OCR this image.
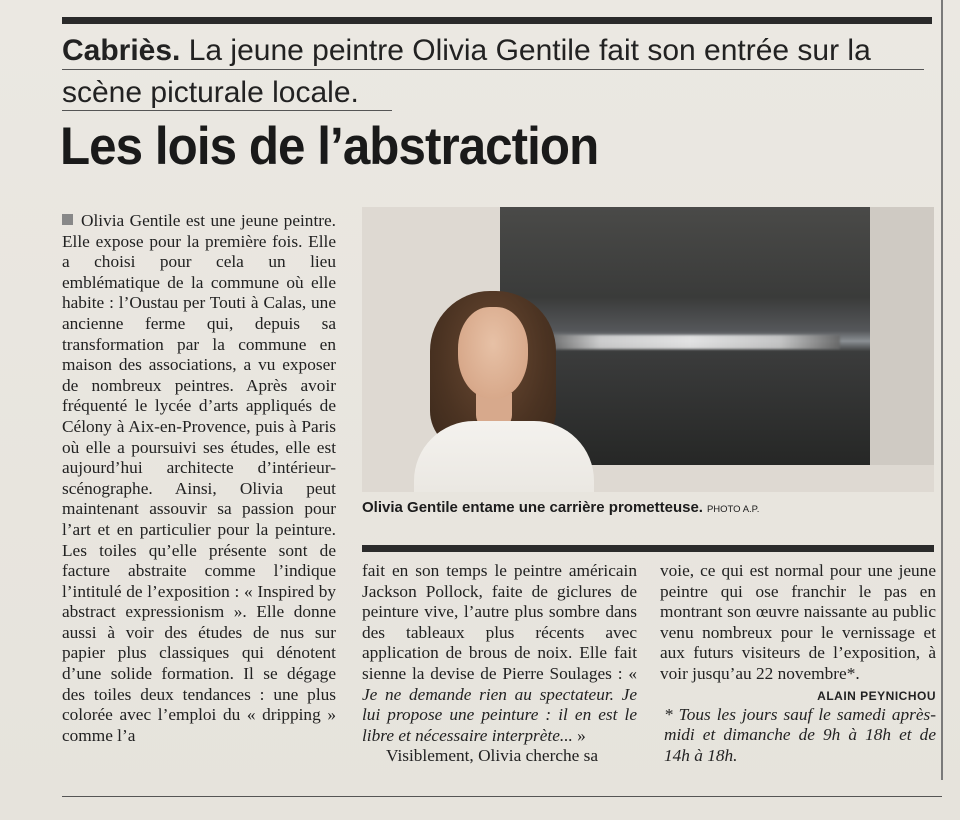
Cabriès. La jeune peintre Olivia Gentile fait son entrée sur la scène picturale locale.
Les lois de l’abstraction

Olivia Gentile est une jeune peintre. Elle expose pour la première fois. Elle a choisi pour cela un lieu emblématique de la commune où elle habite : l’Oustau per Touti à Calas, une ancienne ferme qui, depuis sa transformation par la commune en maison des associations, a vu exposer de nombreux peintres. Après avoir fréquenté le lycée d’arts appliqués de Célony à Aix-en-Provence, puis à Paris où elle a poursuivi ses études, elle est aujourd’hui architecte d’intérieur-scénographe. Ainsi, Olivia peut maintenant assouvir sa passion pour l’art et en particulier pour la peinture. Les toiles qu’elle présente sont de facture abstraite comme l’indique l’intitulé de l’exposition : « Inspired by abstract expressionism ». Elle donne aussi à voir des études de nus sur papier plus classiques qui dénotent d’une solide formation. Il se dégage des toiles deux tendances : une plus colorée avec l’emploi du « dripping » comme l’a

Olivia Gentile entame une carrière prometteuse. PHOTO A.P.

fait en son temps le peintre américain Jackson Pollock, faite de giclures de peinture vive, l’autre plus sombre dans des tableaux plus récents avec application de brous de noix. Elle fait sienne la devise de Pierre Soulages : « Je ne demande rien au spectateur. Je lui propose une peinture : il en est le libre et nécessaire interprète... »

Visiblement, Olivia cherche sa

voie, ce qui est normal pour une jeune peintre qui ose franchir le pas en montrant son œuvre naissante au public venu nombreux pour le vernissage et aux futurs visiteurs de l’exposition, à voir jusqu’au 22 novembre*.

ALAIN PEYNICHOU

* Tous les jours sauf le samedi après-midi et dimanche de 9h à 18h et de 14h à 18h.
